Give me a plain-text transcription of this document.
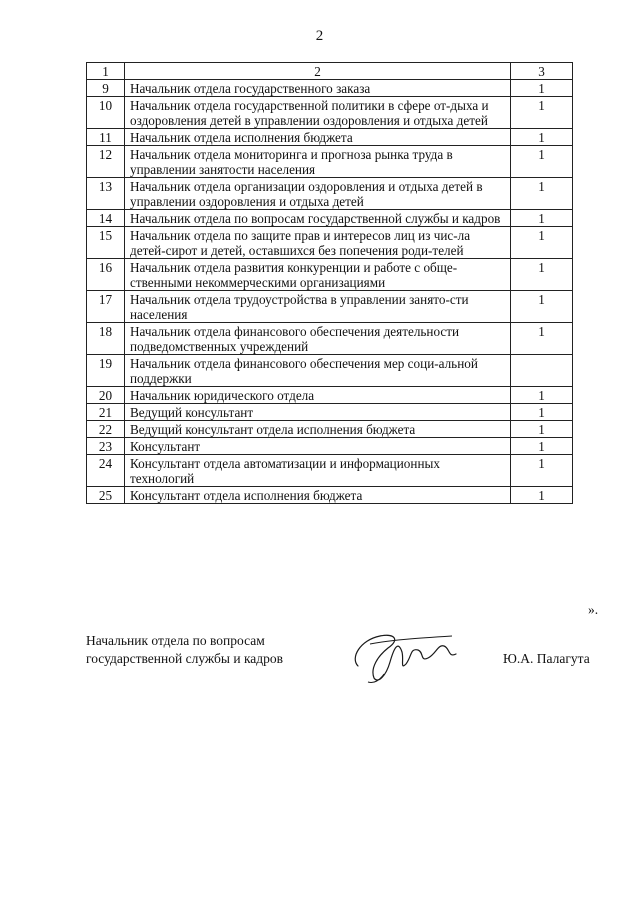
2
1	2	3
9	Начальник отдела государственного заказа	1
10	Начальник отдела государственной политики в сфере от-дыха и оздоровления детей в управлении оздоровления и отдыха детей	1
11	Начальник отдела исполнения бюджета	1
12	Начальник отдела мониторинга и прогноза рынка труда в управлении занятости населения	1
13	Начальник отдела организации оздоровления и отдыха детей в управлении оздоровления и отдыха детей	1
14	Начальник отдела по вопросам государственной службы и кадров	1
15	Начальник отдела по защите прав и интересов лиц из чис-ла детей-сирот и детей, оставшихся без попечения роди-телей	1
16	Начальник отдела развития конкуренции и работе с обще-ственными некоммерческими организациями	1
17	Начальник отдела трудоустройства в управлении занято-сти населения	1
18	Начальник отдела финансового обеспечения деятельности подведомственных учреждений	1
19	Начальник отдела финансового обеспечения мер соци-альной поддержки	
20	Начальник юридического отдела	1
21	Ведущий консультант	1
22	Ведущий консультант отдела исполнения бюджета	1
23	Консультант	1
24	Консультант отдела автоматизации и информационных технологий	1
25	Консультант отдела исполнения бюджета	1
».
Начальник отдела по вопросам
государственной службы и кадров	Ю.А. Палагута
